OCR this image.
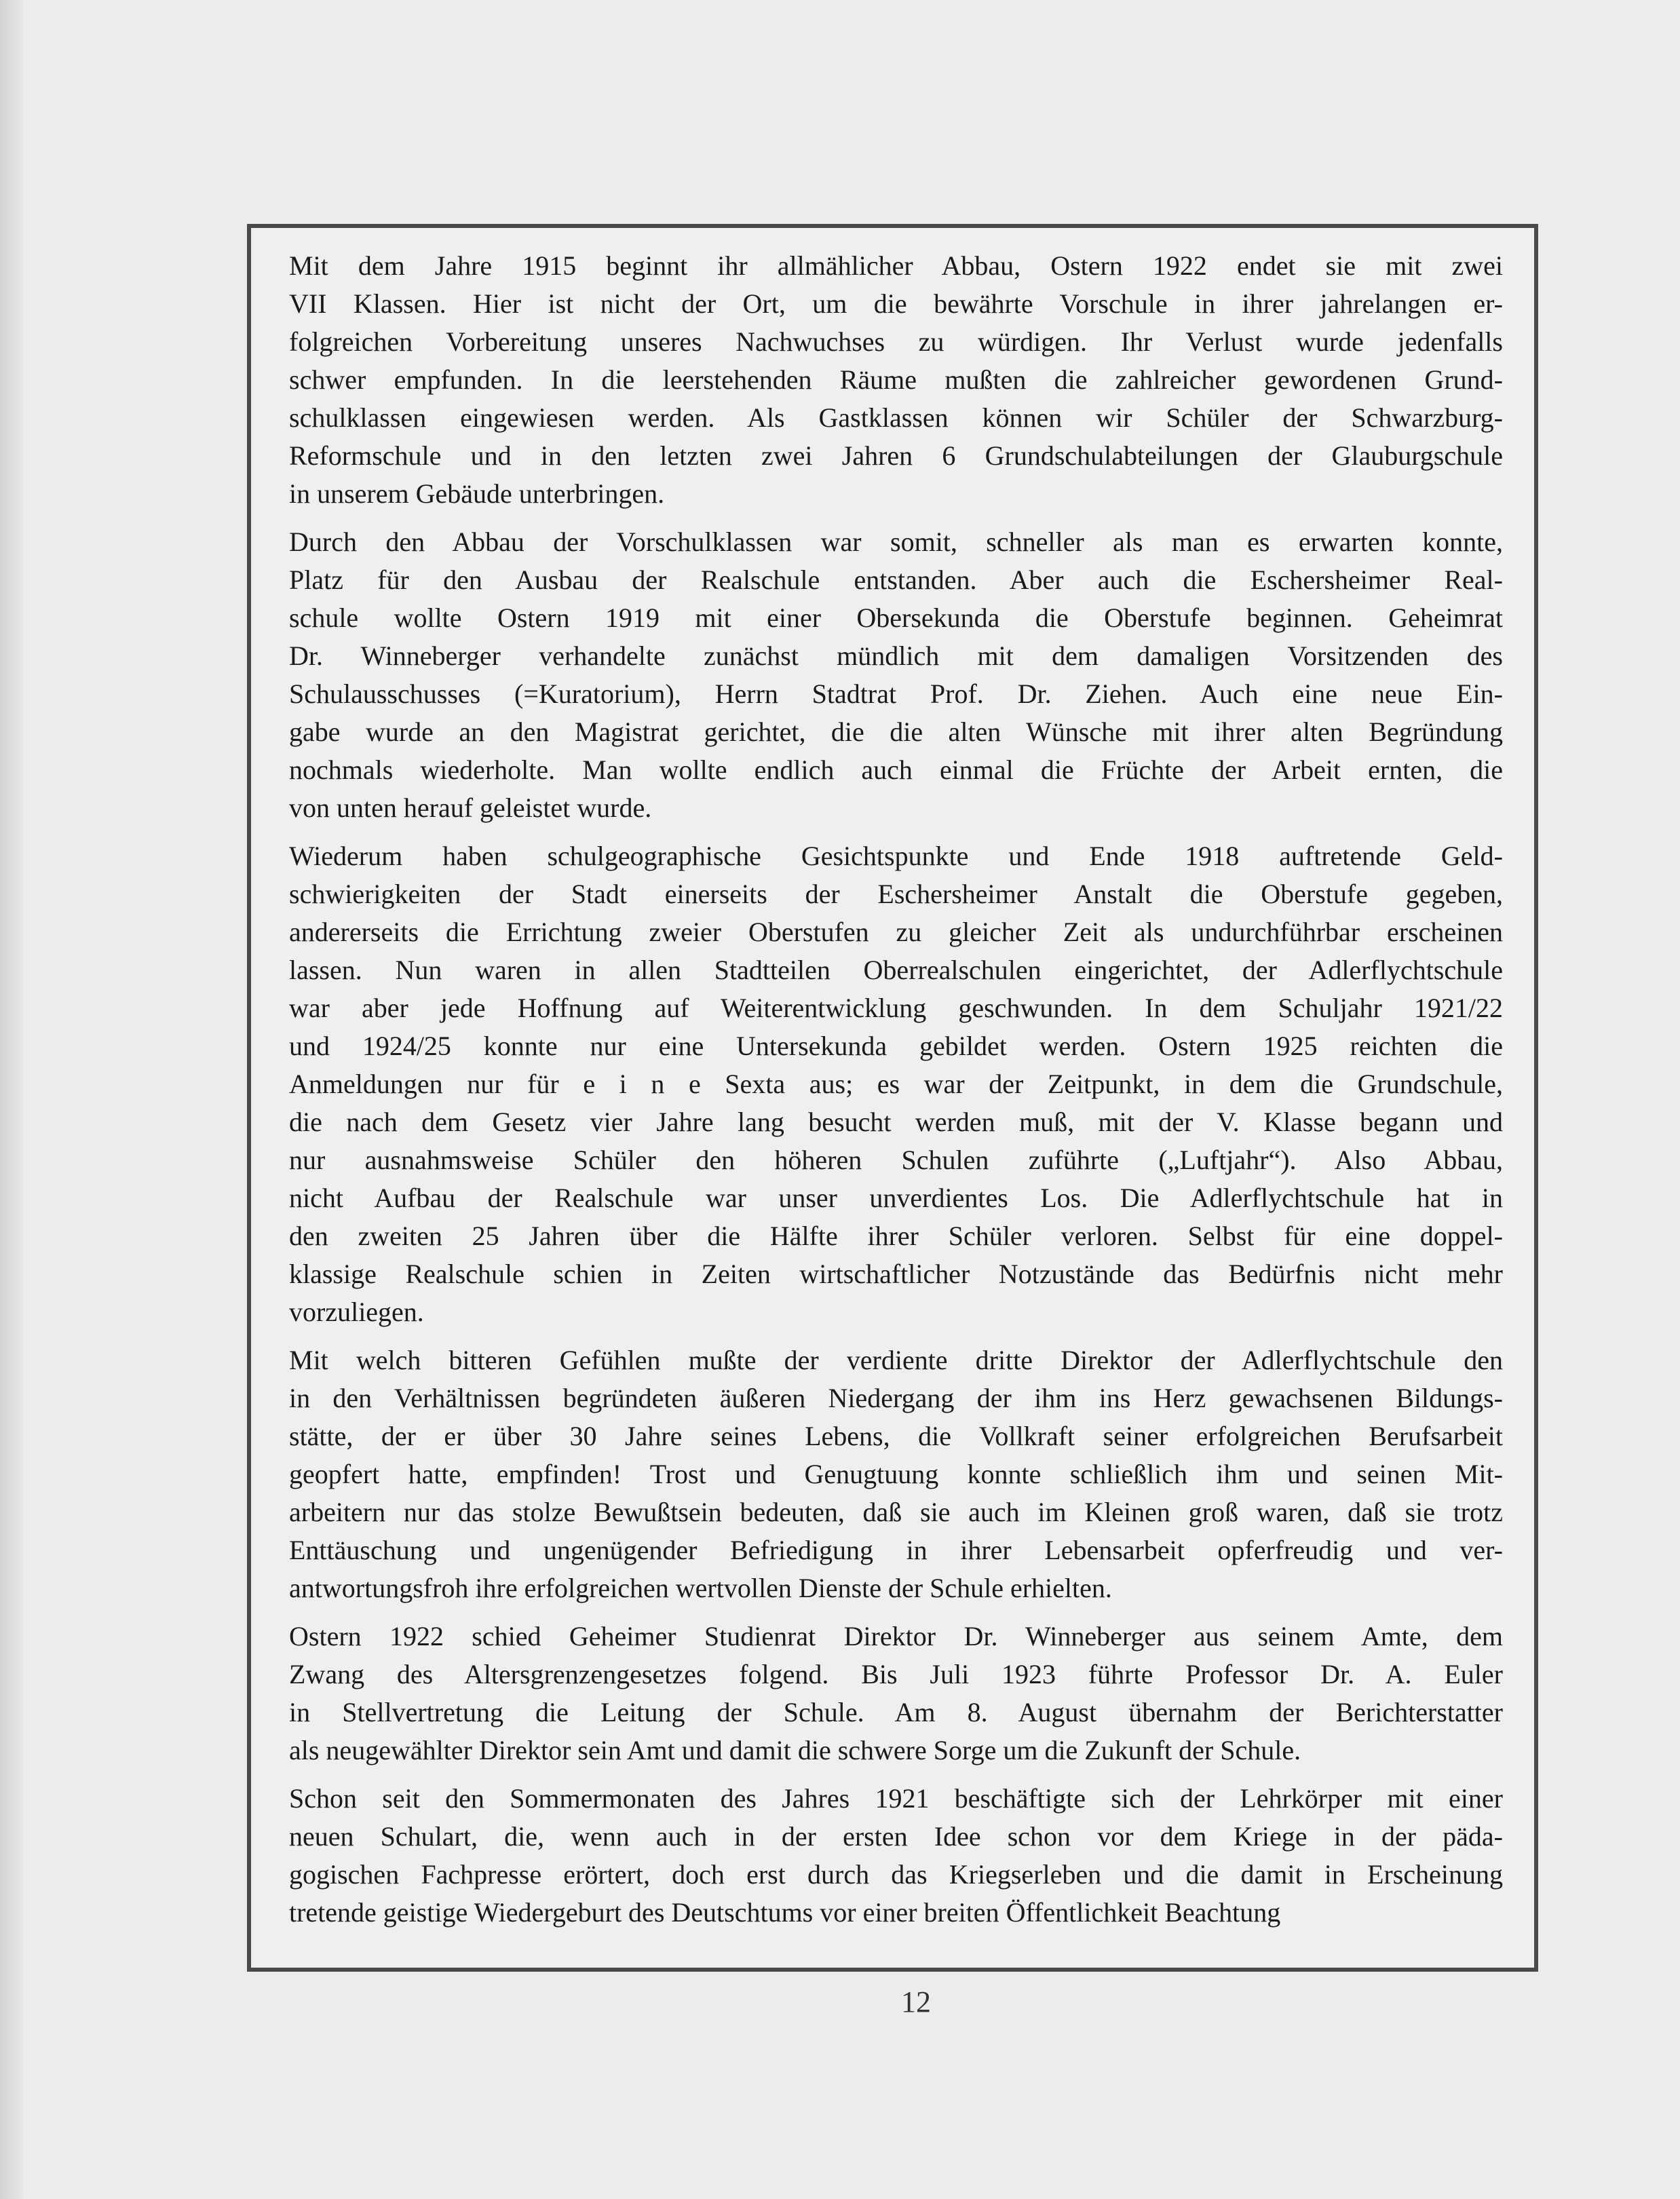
Mit dem Jahre 1915 beginnt ihr allmählicher Abbau, Ostern 1922 endet sie mit zwei
VII Klassen. Hier ist nicht der Ort, um die bewährte Vorschule in ihrer jahrelangen er-
folgreichen Vorbereitung unseres Nachwuchses zu würdigen. Ihr Verlust wurde jedenfalls
schwer empfunden. In die leerstehenden Räume mußten die zahlreicher gewordenen Grund-
schulklassen eingewiesen werden. Als Gastklassen können wir Schüler der Schwarzburg-
Reformschule und in den letzten zwei Jahren 6 Grundschulabteilungen der Glauburgschule
in unserem Gebäude unterbringen.
Durch den Abbau der Vorschulklassen war somit, schneller als man es erwarten konnte,
Platz für den Ausbau der Realschule entstanden. Aber auch die Eschersheimer Real-
schule wollte Ostern 1919 mit einer Obersekunda die Oberstufe beginnen. Geheimrat
Dr. Winneberger verhandelte zunächst mündlich mit dem damaligen Vorsitzenden des
Schulausschusses (=Kuratorium), Herrn Stadtrat Prof. Dr. Ziehen. Auch eine neue Ein-
gabe wurde an den Magistrat gerichtet, die die alten Wünsche mit ihrer alten Begründung
nochmals wiederholte. Man wollte endlich auch einmal die Früchte der Arbeit ernten, die
von unten herauf geleistet wurde.
Wiederum haben schulgeographische Gesichtspunkte und Ende 1918 auftretende Geld-
schwierigkeiten der Stadt einerseits der Eschersheimer Anstalt die Oberstufe gegeben,
andererseits die Errichtung zweier Oberstufen zu gleicher Zeit als undurchführbar erscheinen
lassen. Nun waren in allen Stadtteilen Oberrealschulen eingerichtet, der Adlerflychtschule
war aber jede Hoffnung auf Weiterentwicklung geschwunden. In dem Schuljahr 1921/22
und 1924/25 konnte nur eine Untersekunda gebildet werden. Ostern 1925 reichten die
Anmeldungen nur für e i n e Sexta aus; es war der Zeitpunkt, in dem die Grundschule,
die nach dem Gesetz vier Jahre lang besucht werden muß, mit der V. Klasse begann und
nur ausnahmsweise Schüler den höheren Schulen zuführte („Luftjahr“). Also Abbau,
nicht Aufbau der Realschule war unser unverdientes Los. Die Adlerflychtschule hat in
den zweiten 25 Jahren über die Hälfte ihrer Schüler verloren. Selbst für eine doppel-
klassige Realschule schien in Zeiten wirtschaftlicher Notzustände das Bedürfnis nicht mehr
vorzuliegen.
Mit welch bitteren Gefühlen mußte der verdiente dritte Direktor der Adlerflychtschule den
in den Verhältnissen begründeten äußeren Niedergang der ihm ins Herz gewachsenen Bildungs-
stätte, der er über 30 Jahre seines Lebens, die Vollkraft seiner erfolgreichen Berufsarbeit
geopfert hatte, empfinden! Trost und Genugtuung konnte schließlich ihm und seinen Mit-
arbeitern nur das stolze Bewußtsein bedeuten, daß sie auch im Kleinen groß waren, daß sie trotz
Enttäuschung und ungenügender Befriedigung in ihrer Lebensarbeit opferfreudig und ver-
antwortungsfroh ihre erfolgreichen wertvollen Dienste der Schule erhielten.
Ostern 1922 schied Geheimer Studienrat Direktor Dr. Winneberger aus seinem Amte, dem
Zwang des Altersgrenzengesetzes folgend. Bis Juli 1923 führte Professor Dr. A. Euler
in Stellvertretung die Leitung der Schule. Am 8. August übernahm der Berichterstatter
als neugewählter Direktor sein Amt und damit die schwere Sorge um die Zukunft der Schule.
Schon seit den Sommermonaten des Jahres 1921 beschäftigte sich der Lehrkörper mit einer
neuen Schulart, die, wenn auch in der ersten Idee schon vor dem Kriege in der päda-
gogischen Fachpresse erörtert, doch erst durch das Kriegserleben und die damit in Erscheinung
tretende geistige Wiedergeburt des Deutschtums vor einer breiten Öffentlichkeit Beachtung
12
